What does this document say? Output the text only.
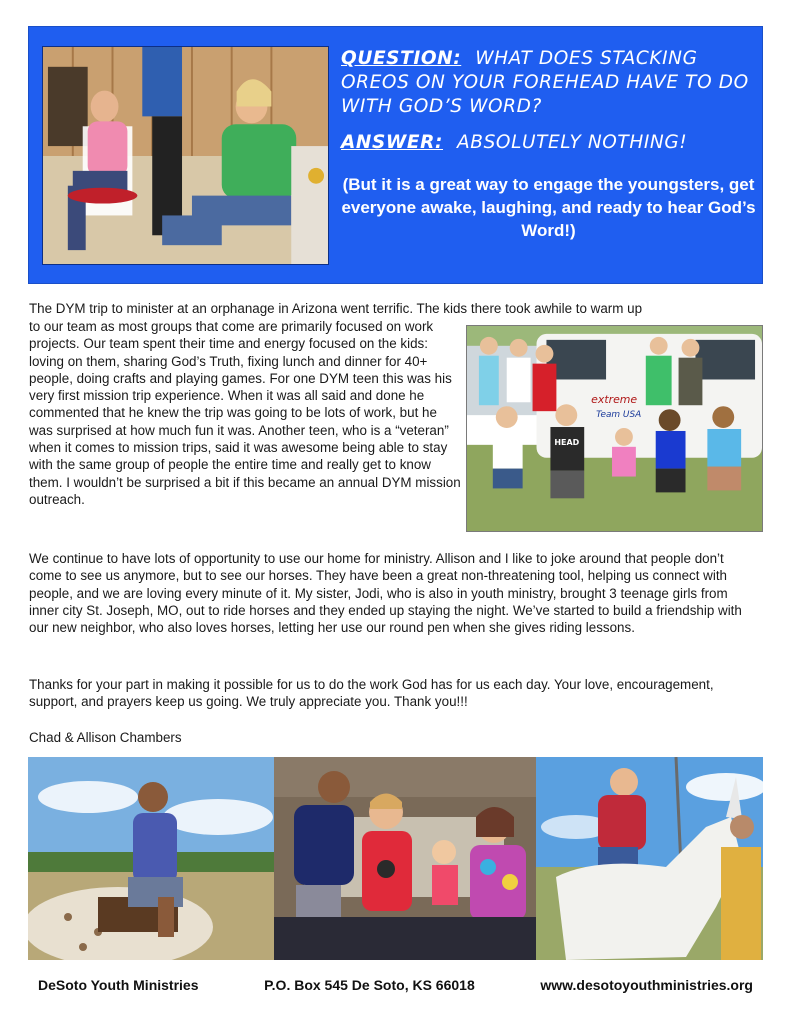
QUESTION: WHAT DOES STACKING OREOS ON YOUR FOREHEAD HAVE TO DO WITH GOD’S WORD?
ANSWER: ABSOLUTELY NOTHING!
(But it is a great way to engage the youngsters, get everyone awake, laughing, and ready to hear God’s Word!)
The DYM trip to minister at an orphanage in Arizona went terrific. The kids there took awhile to warm up
to our team as most groups that come are primarily focused on work projects. Our team spent their time and energy focused on the kids: loving on them, sharing God’s Truth, fixing lunch and dinner for 40+ people, doing crafts and playing games. For one DYM teen this was his very first mission trip experience. When it was all said and done he commented that he knew the trip was going to be lots of work, but he was surprised at how much fun it was. Another teen, who is a “veteran” when it comes to mission trips, said it was awesome being able to stay with the same group of people the entire time and really get to know them. I wouldn’t be surprised a bit if this became an annual DYM mission outreach.
extreme
Team USA
HEAD
We continue to have lots of opportunity to use our home for ministry. Allison and I like to joke around that people don’t come to see us anymore, but to see our horses. They have been a great non-threatening tool, helping us connect with people, and we are loving every minute of it. My sister, Jodi, who is also in youth ministry, brought 3 teenage girls from inner city St. Joseph, MO, out to ride horses and they ended up staying the night. We’ve started to build a friendship with our new neighbor, who also loves horses, letting her use our round pen when she gives riding lessons.
Thanks for your part in making it possible for us to do the work God has for us each day. Your love, encouragement, support, and prayers keep us going. We truly appreciate you. Thank you!!!
Chad & Allison Chambers
DeSoto Youth Ministries	P.O. Box 545 De Soto, KS 66018	www.desotoyouthministries.org
